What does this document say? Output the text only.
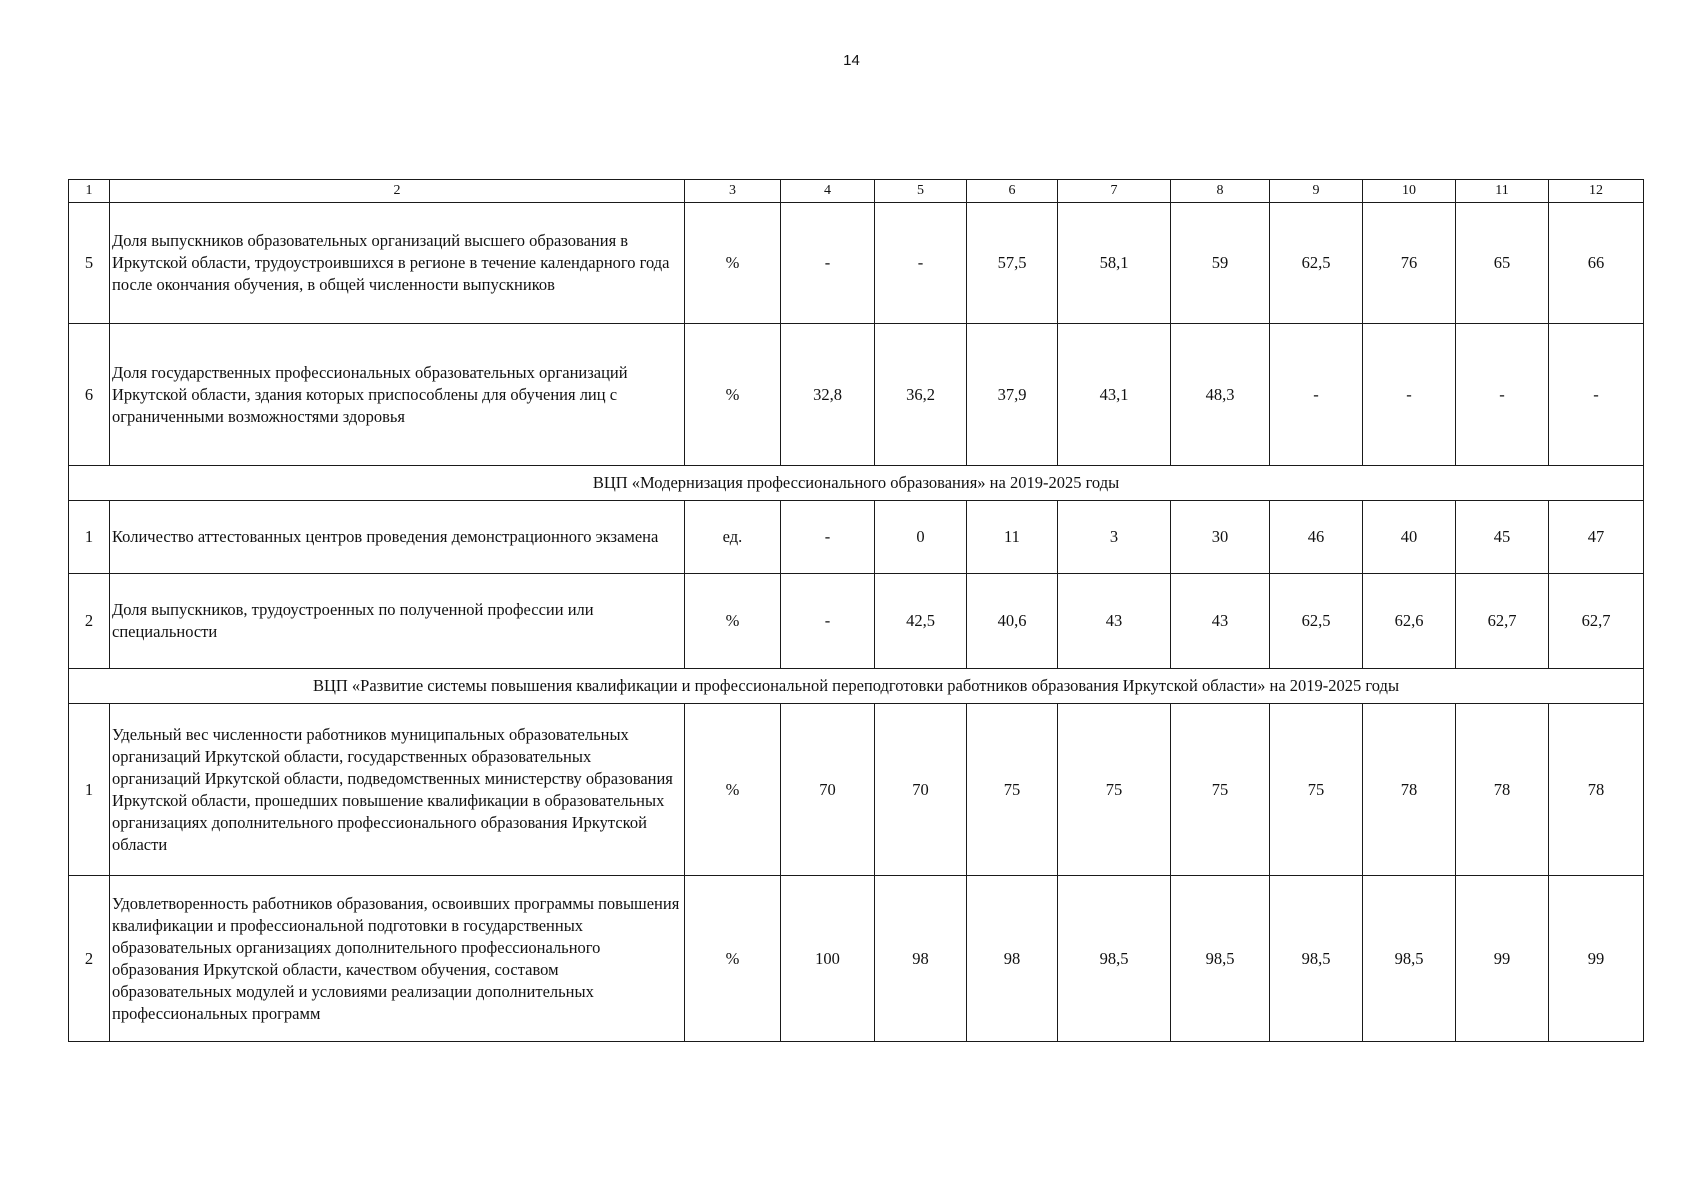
14
1	2	3	4	5	6	7	8	9	10	11	12
5	Доля выпускников образовательных организаций высшего образования в Иркутской области, трудоустроившихся в регионе в течение календарного года после окончания обучения, в общей численности выпускников	%	-	-	57,5	58,1	59	62,5	76	65	66
6	Доля государственных профессиональных образовательных организаций Иркутской области, здания которых приспособлены для обучения лиц с ограниченными возможностями здоровья	%	32,8	36,2	37,9	43,1	48,3	-	-	-	-
ВЦП «Модернизация профессионального образования» на 2019-2025 годы											
1	Количество аттестованных центров проведения демонстрационного экзамена	ед.	-	0	11	3	30	46	40	45	47
2	Доля выпускников, трудоустроенных по полученной профессии или специальности	%	-	42,5	40,6	43	43	62,5	62,6	62,7	62,7
ВЦП «Развитие системы повышения квалификации и профессиональной переподготовки работников образования Иркутской области» на 2019-2025 годы											
1	Удельный вес численности работников муниципальных образовательных организаций Иркутской области, государственных образовательных организаций Иркутской области, подведомственных министерству образования Иркутской области, прошедших повышение квалификации в образовательных организациях дополнительного профессионального образования Иркутской области	%	70	70	75	75	75	75	78	78	78
2	Удовлетворенность работников образования, освоивших программы повышения квалификации и профессиональной подготовки в государственных образовательных организациях дополнительного профессионального образования Иркутской области, качеством обучения, составом образовательных модулей и условиями реализации дополнительных профессиональных программ	%	100	98	98	98,5	98,5	98,5	98,5	99	99
